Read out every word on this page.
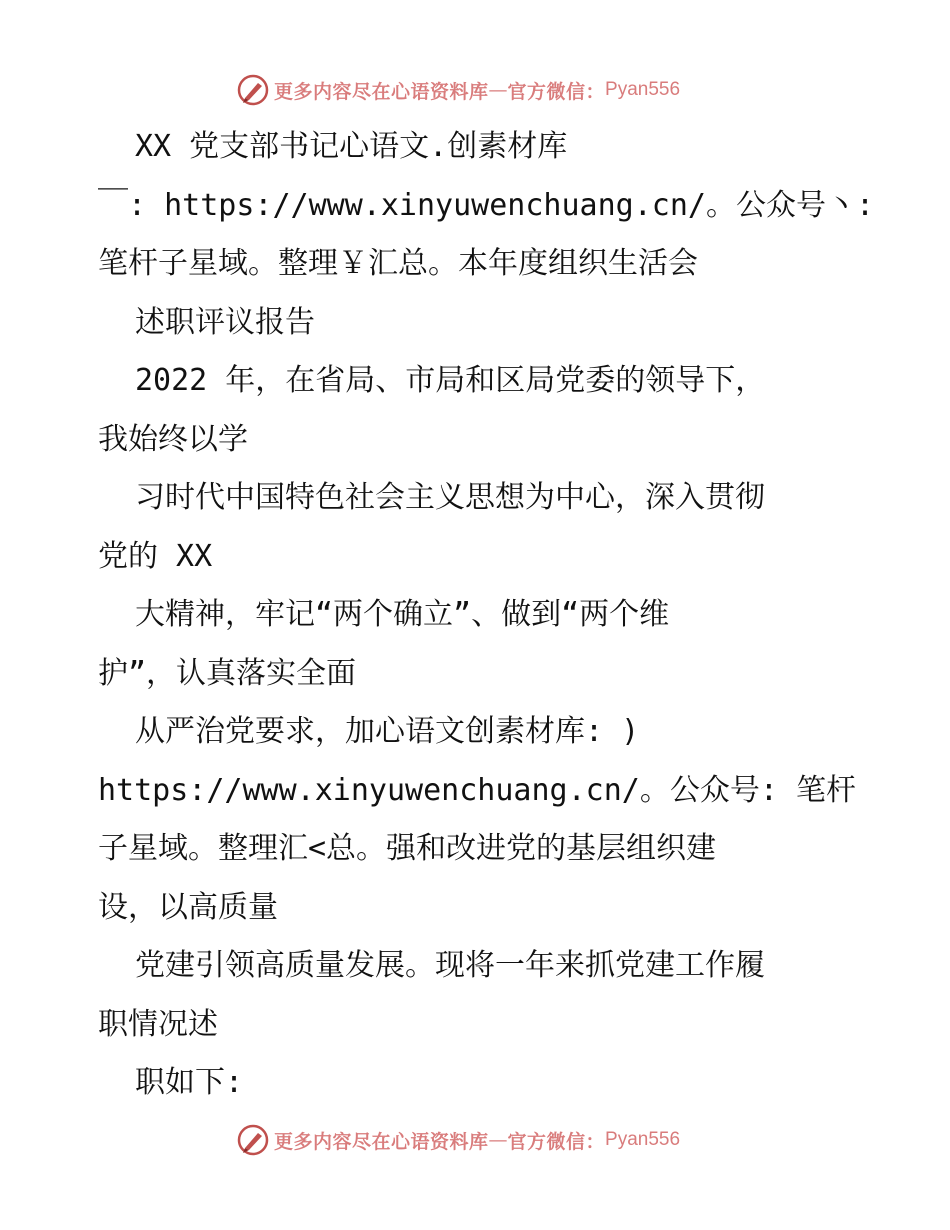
更多内容尽在心语资料库 — 官方微信： Pyan556

XX 党支部书记心语文.创素材库

￣: https://www.xinyuwenchuang.cn/。公众号丶:

笔杆子星域。整理￥汇总。本年度组织生活会

述职评议报告

2022 年，在省局、市局和区局党委的领导下，

我始终以学

习时代中国特色社会主义思想为中心，深入贯彻

党的 XX

大精神，牢记“两个确立”、做到“两个维

护”，认真落实全面

从严治党要求，加心语文创素材库: )

https://www.xinyuwenchuang.cn/。公众号: 笔杆

子星域。整理汇<总。强和改进党的基层组织建

设，以高质量

党建引领高质量发展。现将一年来抓党建工作履

职情况述

职如下:

更多内容尽在心语资料库 — 官方微信： Pyan556
